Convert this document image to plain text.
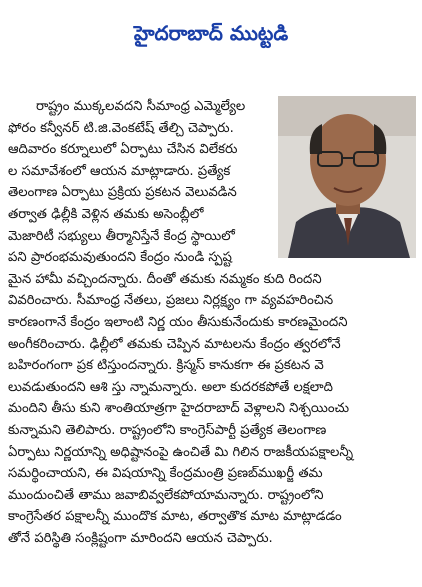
హైదరాబాద్ ముట్టడి
రాష్ట్రం ముక్కలవదని సీమాంధ్ర ఎమ్మెల్యేల
ఫోరం కన్వీనర్ టి.జి.వెంకటేష్ తేల్చి చెప్పారు.
ఆదివారం కర్నూలులో ఏర్పాటు చేసిన విలేకరు
ల సమావేశంలో ఆయన మాట్లాడారు. ప్రత్యేక
తెలంగాణ ఏర్పాటు ప్రక్రియ ప్రకటన వెలువడిన
తర్వాత ఢిల్లీకి వెళ్లిన తమకు అసెంబ్లీలో
మెజారిటీ సభ్యులు తీర్మానిస్తేనే కేంద్ర స్థాయిలో
పని ప్రారంభమవుతుందని కేంద్రం నుండి స్పష్ట
మైన హామీ వచ్చిందన్నారు. దీంతో తమకు నమ్మకం కుది రిందని
వివరించారు. సీమాంధ్ర నేతలు, ప్రజలు నిర్లక్ష్యం గా వ్యవహరించిన
కారణంగానే కేంద్రం ఇలాంటి నిర్ణ యం తీసుకునేందుకు కారణమైందని
అంగీకరించారు. ఢిల్లీలో తమకు చెప్పిన మాటలను కేంద్రం త్వరలోనే
బహిరంగంగా ప్రక టిస్తుందన్నారు. క్రిస్మస్ కానుకగా ఈ ప్రకటన వె
లువడుతుందని ఆశి స్తు న్నామన్నారు. అలా కుదరకపోతే లక్షలాది
మందిని తీసు కుని శాంతియాత్రగా హైదరాబాద్ వెళ్లాలని నిశ్చయించు
కున్నామని తెలిపారు. రాష్ట్రంలోని కాంగ్రెస్‌పార్టీ ప్రత్యేక తెలంగాణ
ఏర్పాటు నిర్ణయాన్ని అధిష్టానంపై ఉంచితే మి గిలిన రాజకీయపక్షాలన్నీ
సమర్థించాయని, ఈ విషయాన్ని కేంద్రమంత్రి ప్రణబ్‌ముఖర్జీ తమ
ముందుంచితే తాము జవాబివ్వలేకపోయామన్నారు. రాష్ట్రంలోని
కాంగ్రెసేతర పక్షాలన్నీ ముందొక మాట, తర్వాతొక మాట మాట్లాడడం
తోనే పరిస్థితి సంక్లిష్టంగా మారిందని ఆయన చెప్పారు.
